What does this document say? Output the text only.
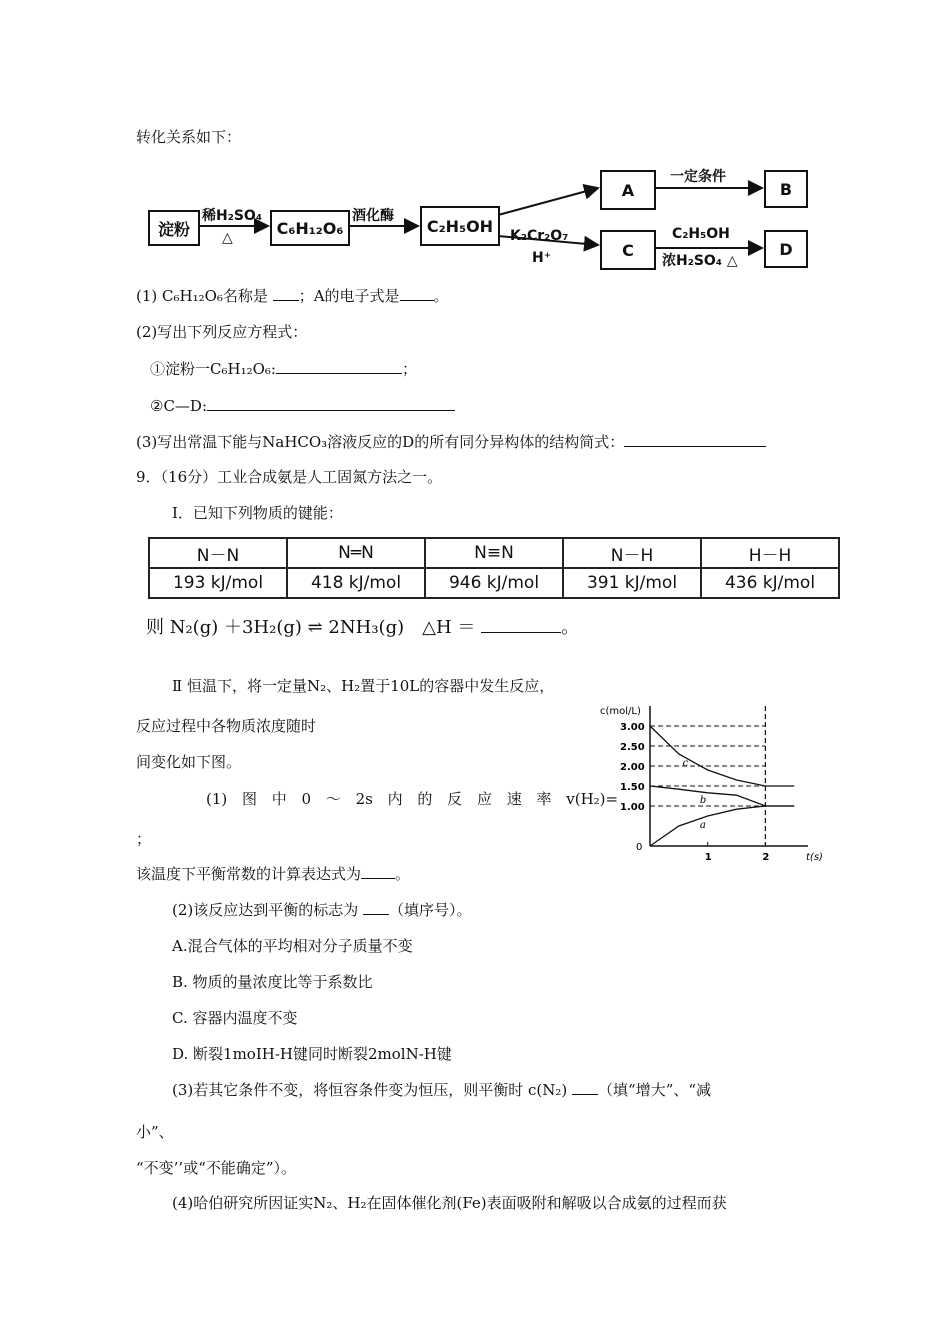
转化关系如下：
淀粉
稀H₂SO₄
△
C₆H₁₂O₆
酒化酶
C₂H₅OH
A
一定条件
B
K₂Cr₂O₇
H⁺	C
C₂H₅OH
浓H₂SO₄ △
D
(1) C₆H₁₂O₆名称是 ；A的电子式是 。
(2)写出下列反应方程式：
①淀粉一C₆H₁₂O₆:	；
②C—D:
(3)写出常温下能与NaHCO₃溶液反应的D的所有同分异构体的结构简式：
9．（16分）工业合成氨是人工固氮方法之一。
I．已知下列物质的键能：
N－N	N═N	N≡N	N－H	H－H
193 kJ/mol	418 kJ/mol	946 kJ/mol	391 kJ/mol	436 kJ/mol
则 N₂(g) ＋3H₂(g) ⇌ 2NH₃(g)　△H ＝	。
Ⅱ 恒温下，将一定量N₂、H₂置于10L的容器中发生反应，
反应过程中各物质浓度随时
间变化如下图。
(1) 图 中 0 ～ 2s 内 的 反 应 速 率 v(H₂)=
；
该温度下平衡常数的计算表达式为 。
c(mol/L)
t(s)
0
3.00
2.50
2.00
1.50
1.00
1	2
c
b
a
(2)该反应达到平衡的标志为 （填序号）。
A.混合气体的平均相对分子质量不变
B. 物质的量浓度比等于系数比
C. 容器内温度不变
D. 断裂1moIH-H键同时断裂2molN-H键
(3)若其它条件不变，将恒容条件变为恒压，则平衡时 c(N₂) （填“增大”、“减
小”、
“不变’’或“不能确定”）。
(4)哈伯研究所因证实N₂、H₂在固体催化剂(Fe)表面吸附和解吸以合成氨的过程而获
